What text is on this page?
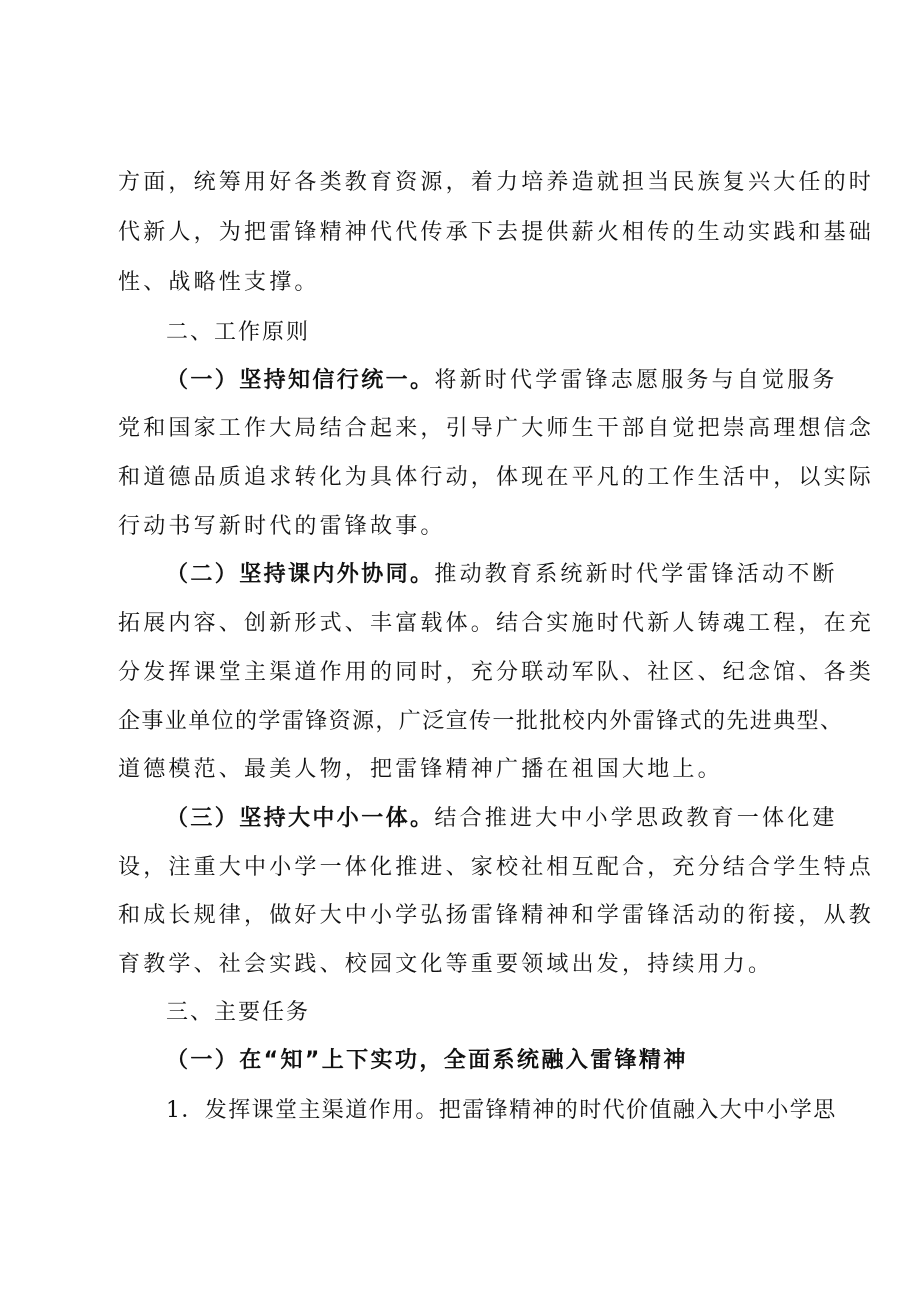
方面，统筹用好各类教育资源，着力培养造就担当民族复兴大任的时
代新人，为把雷锋精神代代传承下去提供薪火相传的生动实践和基础
性、战略性支撑。
二、工作原则
（一）坚持知信行统一。将新时代学雷锋志愿服务与自觉服务
党和国家工作大局结合起来，引导广大师生干部自觉把崇高理想信念
和道德品质追求转化为具体行动，体现在平凡的工作生活中，以实际
行动书写新时代的雷锋故事。
（二）坚持课内外协同。推动教育系统新时代学雷锋活动不断
拓展内容、创新形式、丰富载体。结合实施时代新人铸魂工程，在充
分发挥课堂主渠道作用的同时，充分联动军队、社区、纪念馆、各类
企事业单位的学雷锋资源，广泛宣传一批批校内外雷锋式的先进典型、
道德模范、最美人物，把雷锋精神广播在祖国大地上。
（三）坚持大中小一体。结合推进大中小学思政教育一体化建
设，注重大中小学一体化推进、家校社相互配合，充分结合学生特点
和成长规律，做好大中小学弘扬雷锋精神和学雷锋活动的衔接，从教
育教学、社会实践、校园文化等重要领域出发，持续用力。
三、主要任务
（一）在“知”上下实功，全面系统融入雷锋精神
1．发挥课堂主渠道作用。把雷锋精神的时代价值融入大中小学思
